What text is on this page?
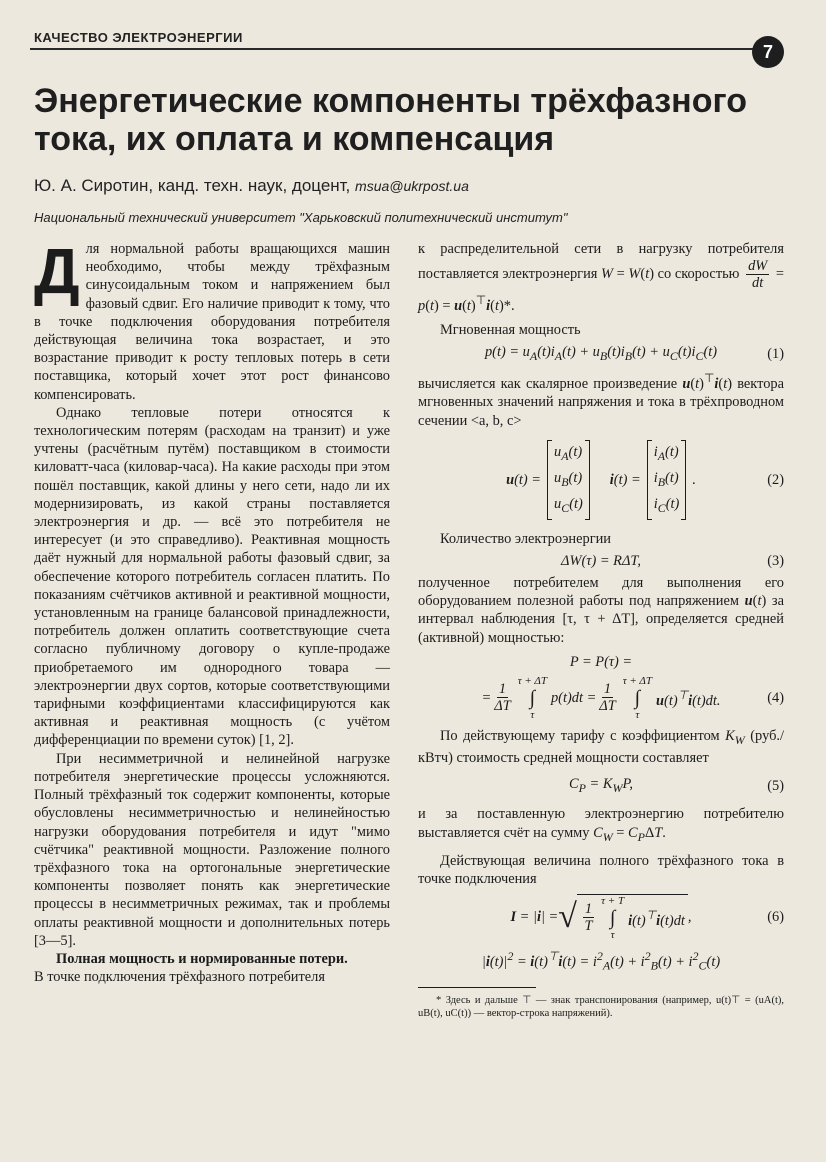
КАЧЕСТВО ЭЛЕКТРОЭНЕРГИИ
7
Энергетические компоненты трёхфазного тока, их оплата и компенсация
Ю. А. Сиротин, канд. техн. наук, доцент, msua@ukrpost.ua
Национальный технический университет "Харьковский политехнический институт"

Для нормальной работы вращающихся машин необходимо, чтобы между трёхфазным синусоидальным током и напряжением был фазовый сдвиг. Его наличие приводит к тому, что в точке подключения оборудования потребителя действующая величина тока возрастает, и это возрастание приводит к росту тепловых потерь в сети поставщика, который хочет этот рост финансово компенсировать.

Однако тепловые потери относятся к технологическим потерям (расходам на транзит) и уже учтены (расчётным путём) поставщиком в стоимости киловатт-часа (киловар-часа). На какие расходы при этом пошёл поставщик, какой длины у него сети, надо ли их модернизировать, из какой страны поставляется электроэнергия и др. — всё это потребителя не интересует (и это справедливо). Реактивная мощность даёт нужный для нормальной работы фазовый сдвиг, за обеспечение которого потребитель согласен платить. По показаниям счётчиков активной и реактивной мощности, установленным на границе балансовой принадлежности, потребитель должен оплатить соответствующие счета согласно публичному договору о купле-продаже приобретаемого им однородного товара — электроэнергии двух сортов, которые соответствующими тарифными коэффициентами классифицируются как активная и реактивная мощность (с учётом дифференциации по времени суток) [1, 2].

При несимметричной и нелинейной нагрузке потребителя энергетические процессы усложняются. Полный трёхфазный ток содержит компоненты, которые обусловлены несимметричностью и нелинейностью нагрузки оборудования потребителя и идут "мимо счётчика" реактивной мощности. Разложение полного трёхфазного тока на ортогональные энергетические компоненты позволяет понять как энергетические процессы в несимметричных режимах, так и проблемы оплаты реактивной мощности и дополнительных потерь [3—5].

Полная мощность и нормированные потери.
В точке подключения трёхфазного потребителя

к распределительной сети в нагрузку потребителя поставляется электроэнергия W = W(t) со скоростью $\frac{dW}{dt} = p(t) = u(t)^⊤i(t)*$.

Мгновенная мощность

$p(t) = u_A(t)i_A(t) + u_B(t)i_B(t) + u_C(t)i_C(t)$	(1)

вычисляется как скалярное произведение u(t)⊤i(t) вектора мгновенных значений напряжения и тока в трёхпроводном сечении <a, b, c>

u(t) =
$u_A(t)$
$u_B(t)$
$u_C(t)$
i(t) =
$i_A(t)$
$i_B(t)$
$i_C(t)$
.	(2)

Количество электроэнергии

ΔW(τ) = RΔT,	(3)

полученное потребителем для выполнения его оборудованием полезной работы под напряжением u(t) за интервал наблюдения [τ, τ + ΔT], определяется средней (активной) мощностью:

P = P(τ) =
= $\frac{1}{\Delta T}$
τ + ΔT
∫
τ
$p(t)dt = \frac{1}{\Delta T}$
τ + ΔT
∫
τ
u(t)⊤i(t)dt.	(4)

По действующему тарифу с коэффициентом $K_W$ (руб./кВтч) стоимость средней мощности составляет

$C_P = K_WP$,	(5)

и за поставленную электроэнергию потребителю выставляется счёт на сумму $C_W = C_P\Delta T$.

Действующая величина полного трёхфазного тока в точке подключения

I = |i| = √ $\frac{1}{T}$
τ + T
∫
τ
i(t)⊤i(t)dt ,	(6)
$|i(t)|^2 = i(t)^⊤i(t) = i^2_A(t) + i^2_B(t) + i^2_C(t)$

* Здесь и дальше ⊤ — знак транспонирования (например, u(t)⊤ = (uA(t), uB(t), uC(t)) — вектор-строка напряжений).
